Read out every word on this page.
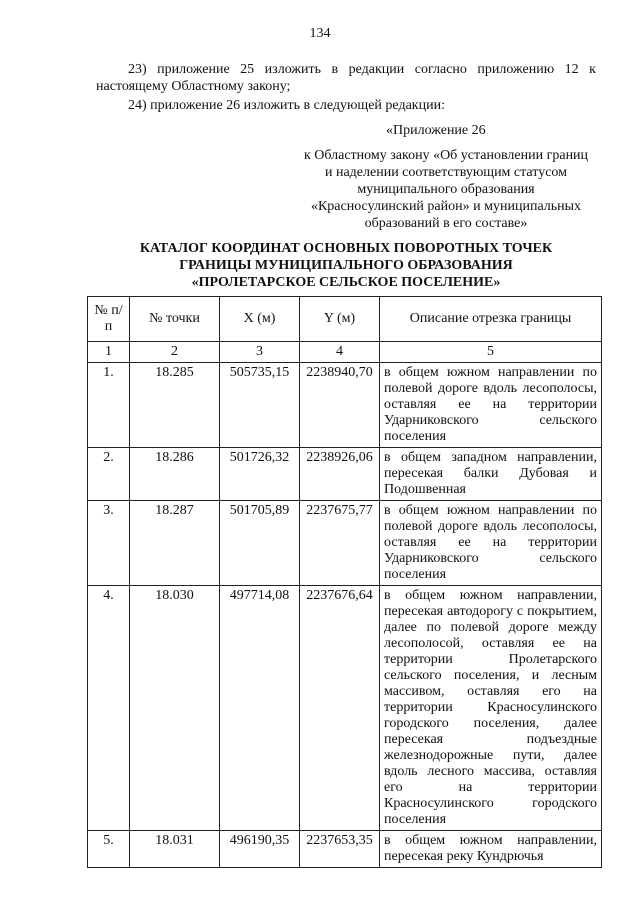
134
23) приложение 25 изложить в редакции согласно приложению 12 к настоящему Областному закону;
24) приложение 26 изложить в следующей редакции:
«Приложение 26
к Областному закону «Об установлении границ и наделении соответствующим статусом муниципального образования «Красносулинский район» и муниципальных образований в его составе»
КАТАЛОГ КООРДИНАТ ОСНОВНЫХ ПОВОРОТНЫХ ТОЧЕК
ГРАНИЦЫ МУНИЦИПАЛЬНОГО ОБРАЗОВАНИЯ
«ПРОЛЕТАРСКОЕ СЕЛЬСКОЕ ПОСЕЛЕНИЕ»
№ п/п	№ точки	X (м)	Y (м)	Описание отрезка границы
1	2	3	4	5
1.	18.285	505735,15	2238940,70	в общем южном направлении по полевой дороге вдоль лесополосы, оставляя ее на территории Ударниковского сельского поселения
2.	18.286	501726,32	2238926,06	в общем западном направлении, пересекая балки Дубовая и Подошвенная
3.	18.287	501705,89	2237675,77	в общем южном направлении по полевой дороге вдоль лесополосы, оставляя ее на территории Ударниковского сельского поселения
4.	18.030	497714,08	2237676,64	в общем южном направлении, пересекая автодорогу с покрытием, далее по полевой дороге между лесополосой, оставляя ее на территории Пролетарского сельского поселения, и лесным массивом, оставляя его на территории Красносулинского городского поселения, далее пересекая подъездные железнодорожные пути, далее вдоль лесного массива, оставляя его на территории Красносулинского городского поселения
5.	18.031	496190,35	2237653,35	в общем южном направлении, пересекая реку Кундрючья
